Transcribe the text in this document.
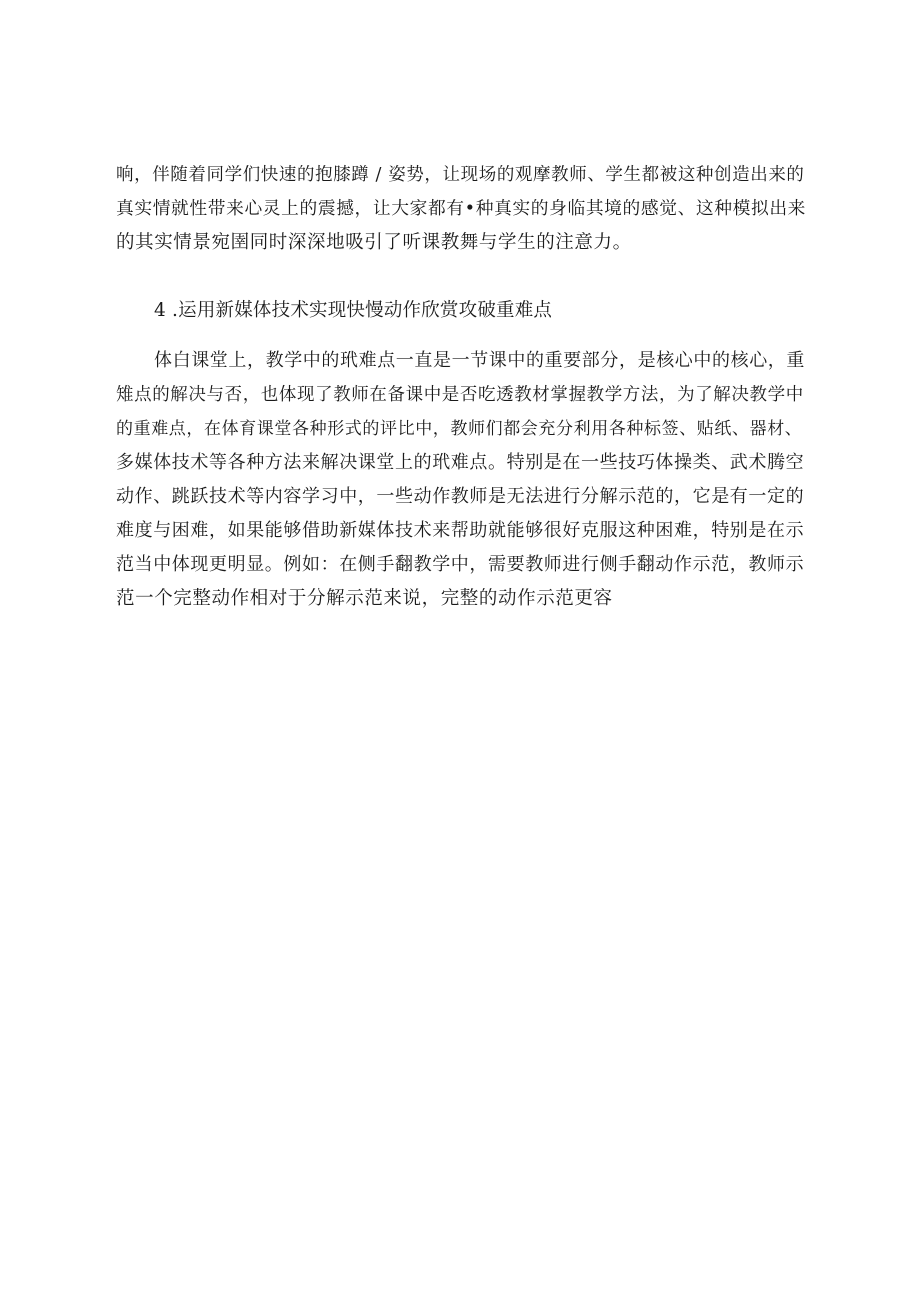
响，伴随着同学们快速的抱膝蹲 / 姿势，让现场的观摩教师、学生都被这种创造出来的
真实情就性带来心灵上的震撼，让大家都有•种真实的身临其境的感觉、这种模拟出来
的其实情景宛圉同时深深地吸引了听课教舞与学生的注意力。
4 .运用新媒体技术实现快慢动作欣赏攻破重难点
体白课堂上，教学中的玳难点一直是一节课中的重要部分，是核心中的核心，重
雉点的解决与否，也体现了教师在备课中是否吃透教材掌握教学方法，为了解决教学中
的重难点，在体育课堂各种形式的评比中，教师们都会充分利用各种标签、贴纸、器材、
多媒体技术等各种方法来解决课堂上的玳难点。特别是在一些技巧体操类、武术腾空
动作、跳跃技术等内容学习中，一些动作教师是无法进行分解示范的，它是有一定的
难度与困难，如果能够借助新媒体技术来帮助就能够很好克服这种困难，特别是在示
范当中体现更明显。例如：在侧手翻教学中，需要教师进行侧手翻动作示范，教师示
范一个完整动作相对于分解示范来说，完整的动作示范更容
